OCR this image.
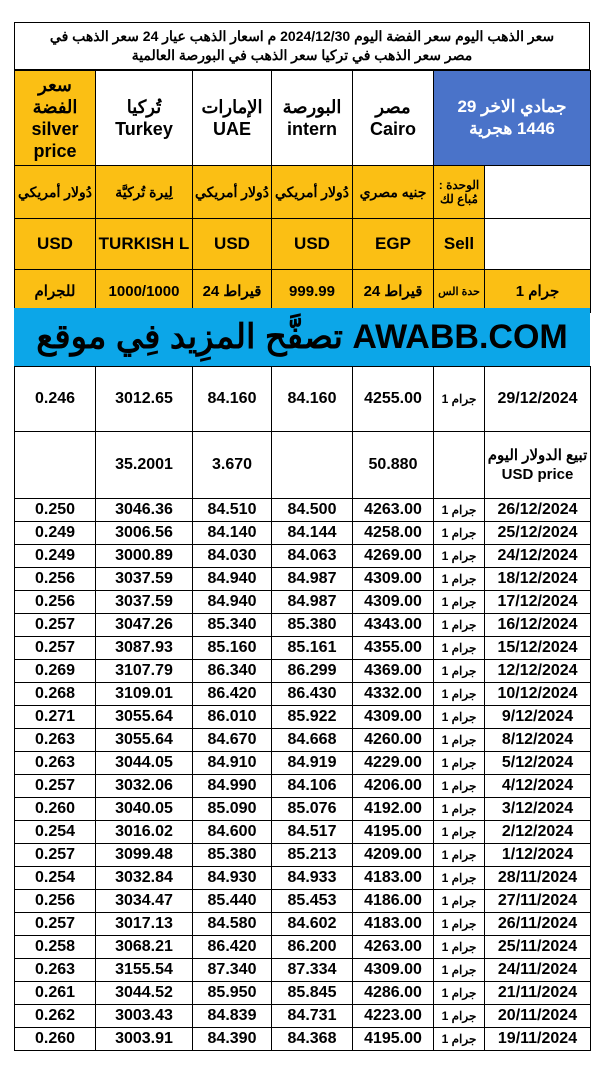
سعر الذهب اليوم سعر الفضة اليوم 2024/12/30 م اسعار الذهب عيار 24 سعر الذهب في
مصر سعر الذهب في تركيا سعر الذهب في البورصة العالمية
سعر الفضة silver price	تُركيا Turkey	الإمارات UAE	البورصة intern	مصر Cairo	29 جمادي الاخر 1446 هجرية	
دُولار أمريكي	لِيرة تُركيَّة	دُولار أمريكي	دُولار أمريكي	جنيه مصري	الوحدة : مُباع لك	
USD	TURKISH L	USD	USD	EGP	Sell	
للجرام	1000/1000	24 قيراط	999.99	24 قيراط	حدة الس	1 جرام
تصفَّح المزِيد فِي موقع AWABB.COM
0.246	3012.65	84.160	84.160	4255.00	1 جرام	29/12/2024
	35.2001	3.670		50.880		تبيع الدولار اليوم USD price
0.250	3046.36	84.510	84.500	4263.00	1 جرام	26/12/2024
0.249	3006.56	84.140	84.144	4258.00	1 جرام	25/12/2024
0.249	3000.89	84.030	84.063	4269.00	1 جرام	24/12/2024
0.256	3037.59	84.940	84.987	4309.00	1 جرام	18/12/2024
0.256	3037.59	84.940	84.987	4309.00	1 جرام	17/12/2024
0.257	3047.26	85.340	85.380	4343.00	1 جرام	16/12/2024
0.257	3087.93	85.160	85.161	4355.00	1 جرام	15/12/2024
0.269	3107.79	86.340	86.299	4369.00	1 جرام	12/12/2024
0.268	3109.01	86.420	86.430	4332.00	1 جرام	10/12/2024
0.271	3055.64	86.010	85.922	4309.00	1 جرام	9/12/2024
0.263	3055.64	84.670	84.668	4260.00	1 جرام	8/12/2024
0.263	3044.05	84.910	84.919	4229.00	1 جرام	5/12/2024
0.257	3032.06	84.990	84.106	4206.00	1 جرام	4/12/2024
0.260	3040.05	85.090	85.076	4192.00	1 جرام	3/12/2024
0.254	3016.02	84.600	84.517	4195.00	1 جرام	2/12/2024
0.257	3099.48	85.380	85.213	4209.00	1 جرام	1/12/2024
0.254	3032.84	84.930	84.933	4183.00	1 جرام	28/11/2024
0.256	3034.47	85.440	85.453	4186.00	1 جرام	27/11/2024
0.257	3017.13	84.580	84.602	4183.00	1 جرام	26/11/2024
0.258	3068.21	86.420	86.200	4263.00	1 جرام	25/11/2024
0.263	3155.54	87.340	87.334	4309.00	1 جرام	24/11/2024
0.261	3044.52	85.950	85.845	4286.00	1 جرام	21/11/2024
0.262	3003.43	84.839	84.731	4223.00	1 جرام	20/11/2024
0.260	3003.91	84.390	84.368	4195.00	1 جرام	19/11/2024
